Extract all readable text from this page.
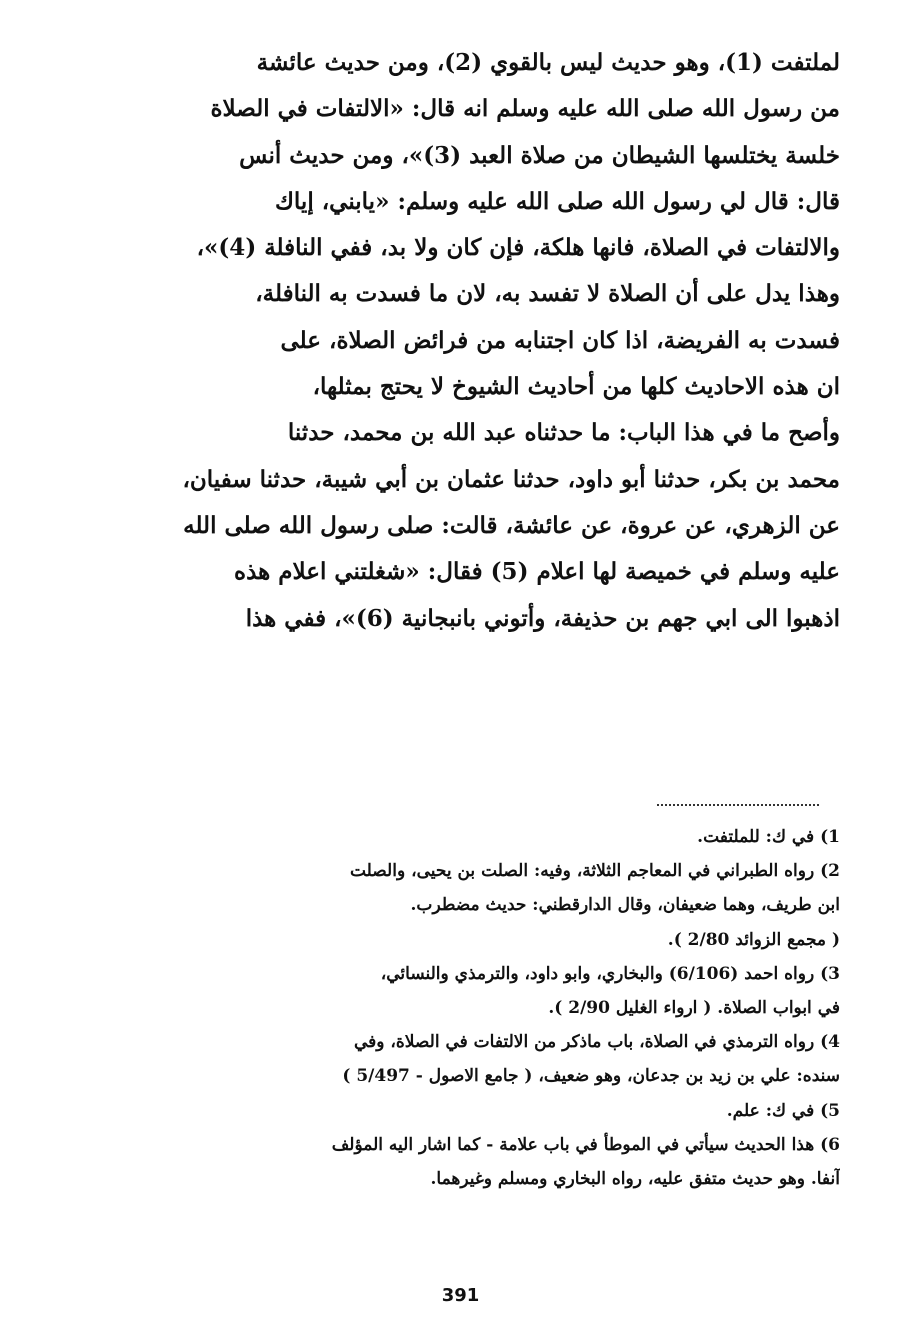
لملتفت (1)، وهو حديث ليس بالقوي (2)، ومن حديث عائشة
من رسول الله صلى الله عليه وسلم انه قال: «الالتفات في الصلاة
خلسة يختلسها الشيطان من صلاة العبد (3)»، ومن حديث أنس
قال: قال لي رسول الله صلى الله عليه وسلم: «يابني، إياك
والالتفات في الصلاة، فانها هلكة، فإن كان ولا بد، ففي النافلة (4)»،
وهذا يدل على أن الصلاة لا تفسد به، لان ما فسدت به النافلة،
فسدت به الفريضة، اذا كان اجتنابه من فرائض الصلاة، على
ان هذه الاحاديث كلها من أحاديث الشيوخ لا يحتج بمثلها،
وأصح ما في هذا الباب: ما حدثناه عبد الله بن محمد، حدثنا
محمد بن بكر، حدثنا أبو داود، حدثنا عثمان بن أبي شيبة، حدثنا سفيان،
عن الزهري، عن عروة، عن عائشة، قالت: صلى رسول الله صلى الله
عليه وسلم في خميصة لها اعلام (5) فقال: «شغلتني اعلام هذه
اذهبوا الى ابي جهم بن حذيفة، وأتوني بانبجانية (6)»، ففي هذا
1) في ك: للملتفت.
2) رواه الطبراني في المعاجم الثلاثة، وفيه: الصلت بن يحيى، والصلت
ابن طريف، وهما ضعيفان، وقال الدارقطني: حديث مضطرب.
( مجمع الزوائد 2/80 ).
3) رواه احمد (6/106) والبخاري، وابو داود، والترمذي والنسائي،
في ابواب الصلاة. ( ارواء الغليل 2/90 ).
4) رواه الترمذي في الصلاة، باب ماذكر من الالتفات في الصلاة، وفي
سنده: علي بن زيد بن جدعان، وهو ضعيف، ( جامع الاصول - 5/497 )
5) في ك: علم.
6) هذا الحديث سيأتي في الموطأ في باب علامة - كما اشار اليه المؤلف
آنفا. وهو حديث متفق عليه، رواه البخاري ومسلم وغيرهما.
391
